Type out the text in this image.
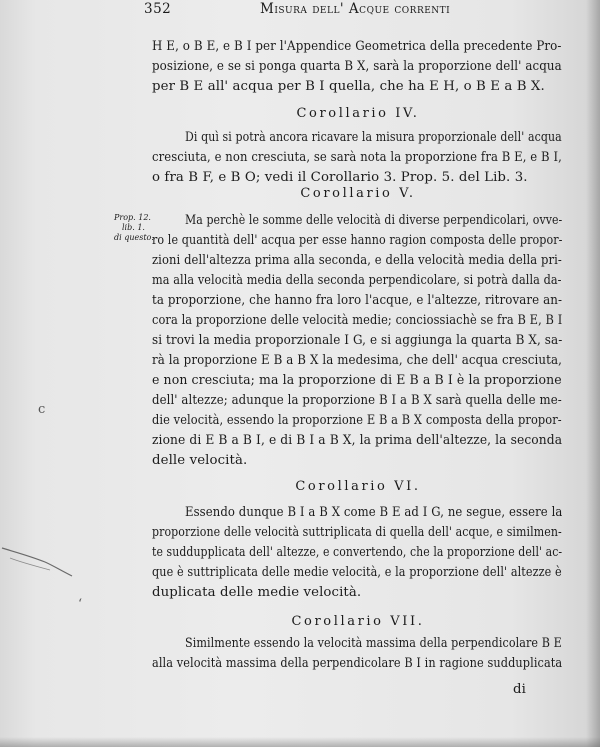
c
ʻ
352	Misura dell' Acque correnti
H E, o B E, e B I per l'Appendice Geometrica della precedente Pro-
posizione, e se si ponga quarta B X, sarà la proporzione dell' acqua
per B E all' acqua per B I quella, che ha E H, o B E a B X.
Corollario IV.
Di quì si potrà ancora ricavare la misura proporzionale dell' acqua
cresciuta, e non cresciuta, se sarà nota la proporzione fra B E, e B I,
o fra B F, e B O; vedi il Corollario 3. Prop. 5. del Lib. 3.
Corollario V.
Prop. 12.
lib. 1.
di questo.
Ma perchè le somme delle velocità di diverse perpendicolari, ovve-
ro le quantità dell' acqua per esse hanno ragion composta delle propor-
zioni dell'altezza prima alla seconda, e della velocità media della pri-
ma alla velocità media della seconda perpendicolare, si potrà dalla da-
ta proporzione, che hanno fra loro l'acque, e l'altezze, ritrovare an-
cora la proporzione delle velocità medie; conciossiachè se fra B E, B I
si trovi la media proporzionale I G, e si aggiunga la quarta B X, sa-
rà la proporzione E B a B X la medesima, che dell' acqua cresciuta,
e non cresciuta; ma la proporzione di E B a B I è la proporzione
dell' altezze; adunque la proporzione B I a B X sarà quella delle me-
die velocità, essendo la proporzione E B a B X composta della propor-
zione di E B a B I, e di B I a B X, la prima dell'altezze, la seconda
delle velocità.
Corollario VI.
Essendo dunque B I a B X come B E ad I G, ne segue, essere la
proporzione delle velocità suttriplicata di quella dell' acque, e similmen-
te suddupplicata dell' altezze, e convertendo, che la proporzione dell' ac-
que è suttriplicata delle medie velocità, e la proporzione dell' altezze è
duplicata delle medie velocità.
Corollario VII.
Similmente essendo la velocità massima della perpendicolare B E
alla velocità massima della perpendicolare B I in ragione sudduplicata
di
